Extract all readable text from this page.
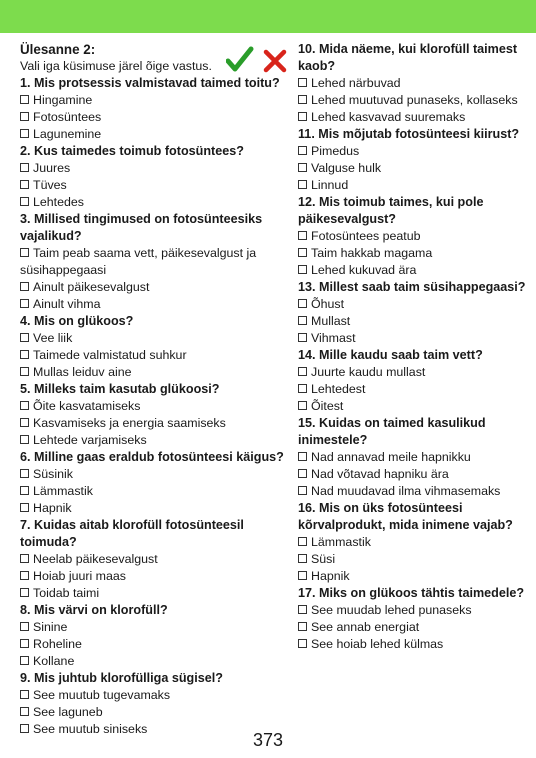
Ülesanne 2:
Vali iga küsimuse järel õige vastus.
1. Mis protsessis valmistavad taimed toitu?
Hingamine
Fotosüntees
Lagunemine
2. Kus taimedes toimub fotosüntees?
Juures
Tüves
Lehtedes
3. Millised tingimused on fotosünteesiks vajalikud?
Taim peab saama vett, päikesevalgust ja süsihappegaasi
Ainult päikesevalgust
Ainult vihma
4. Mis on glükoos?
Vee liik
Taimede valmistatud suhkur
Mullas leiduv aine
5. Milleks taim kasutab glükoosi?
Õite kasvatamiseks
Kasvamiseks ja energia saamiseks
Lehtede varjamiseks
6. Milline gaas eraldub fotosünteesi käigus?
Süsinik
Lämmastik
Hapnik
7. Kuidas aitab klorofüll fotosünteesil toimuda?
Neelab päikesevalgust
Hoiab juuri maas
Toidab taimi
8. Mis värvi on klorofüll?
Sinine
Roheline
Kollane
9. Mis juhtub klorofülliga sügisel?
See muutub tugevamaks
See laguneb
See muutub siniseks
10. Mida näeme, kui klorofüll taimest kaob?
Lehed närbuvad
Lehed muutuvad punaseks, kollaseks
Lehed kasvavad suuremaks
11. Mis mõjutab fotosünteesi kiirust?
Pimedus
Valguse hulk
Linnud
12. Mis toimub taimes, kui pole päikesevalgust?
Fotosüntees peatub
Taim hakkab magama
Lehed kukuvad ära
13. Millest saab taim süsihappegaasi?
Õhust
Mullast
Vihmast
14. Mille kaudu saab taim vett?
Juurte kaudu mullast
Lehtedest
Õitest
15. Kuidas on taimed kasulikud inimestele?
Nad annavad meile hapnikku
Nad võtavad hapniku ära
Nad muudavad ilma vihmasemaks
16. Mis on üks fotosünteesi kõrvalprodukt, mida inimene vajab?
Lämmastik
Süsi
Hapnik
17. Miks on glükoos tähtis taimedele?
See muudab lehed punaseks
See annab energiat
See hoiab lehed külmas
373
